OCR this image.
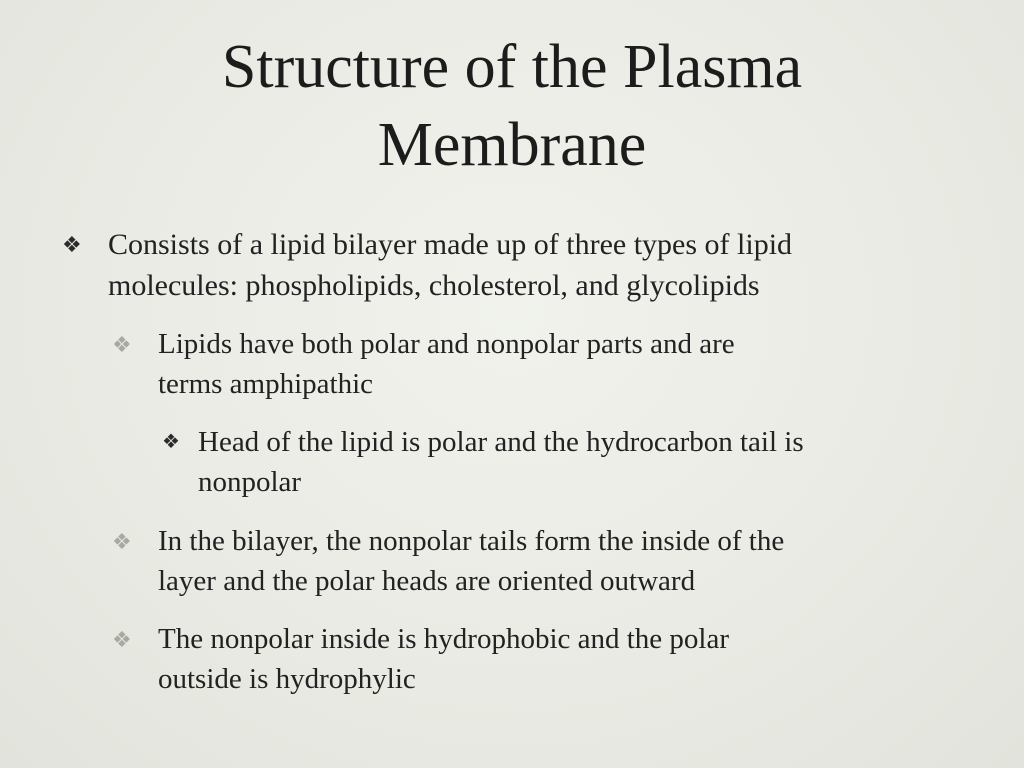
Structure of the Plasma
Membrane
❖ Consists of a lipid bilayer made up of three types of lipid
molecules: phospholipids, cholesterol, and glycolipids
❖ Lipids have both polar and nonpolar parts and are
terms amphipathic
❖ Head of the lipid is polar and the hydrocarbon tail is
nonpolar
❖ In the bilayer, the nonpolar tails form the inside of the
layer and the polar heads are oriented outward
❖ The nonpolar inside is hydrophobic and the polar
outside is hydrophylic
